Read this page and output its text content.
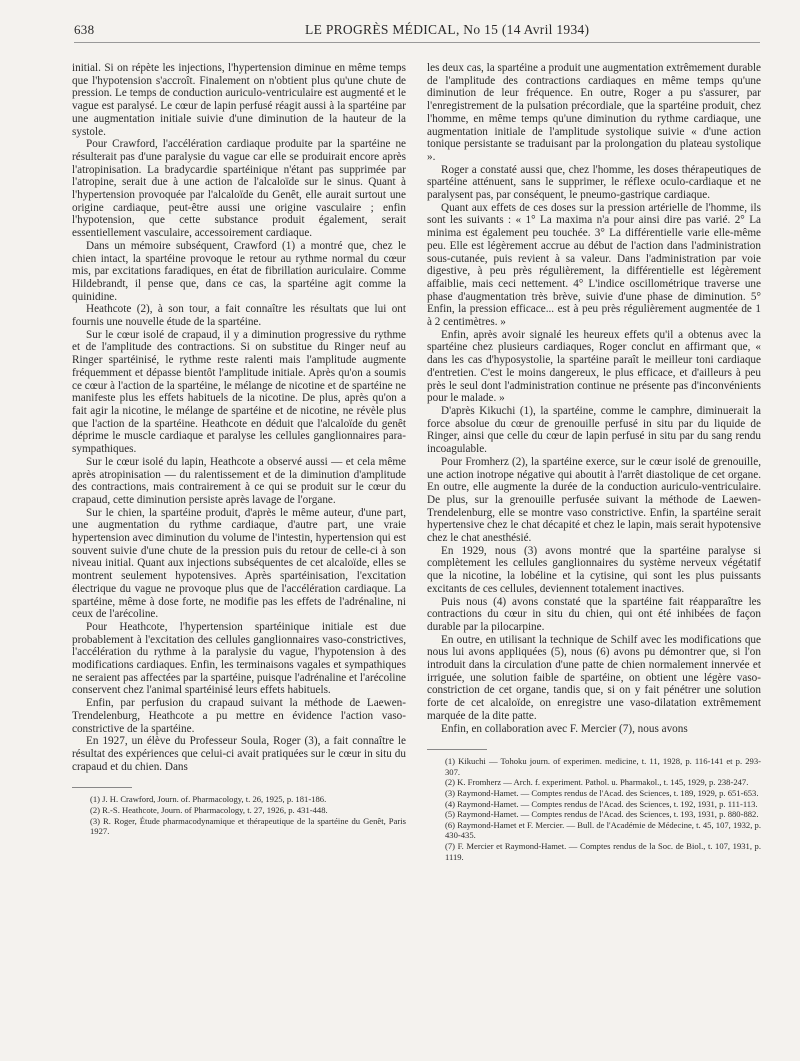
638	LE PROGRÈS MÉDICAL, No 15 (14 Avril 1934)

initial. Si on répète les injections, l'hypertension diminue en même temps que l'hypotension s'accroît. Finalement on n'obtient plus qu'une chute de pression. Le temps de conduction auriculo-ventriculaire est augmenté et le vague est paralysé. Le cœur de lapin perfusé réagit aussi à la spartéine par une augmentation initiale suivie d'une diminution de la hauteur de la systole.

Pour Crawford, l'accélération cardiaque produite par la spartéine ne résulterait pas d'une paralysie du vague car elle se produirait encore après l'atropinisation. La bradycardie spartéinique n'étant pas supprimée par l'atropine, serait due à une action de l'alcaloïde sur le sinus. Quant à l'hypertension provoquée par l'alcaloïde du Genêt, elle aurait surtout une origine cardiaque, peut-être aussi une origine vasculaire ; enfin l'hypotension, que cette substance produit également, serait essentiellement vasculaire, accessoirement cardiaque.

Dans un mémoire subséquent, Crawford (1) a montré que, chez le chien intact, la spartéine provoque le retour au rythme normal du cœur mis, par excitations faradiques, en état de fibrillation auriculaire. Comme Hildebrandt, il pense que, dans ce cas, la spartéine agit comme la quinidine.

Heathcote (2), à son tour, a fait connaître les résultats que lui ont fournis une nouvelle étude de la spartéine.

Sur le cœur isolé de crapaud, il y a diminution progressive du rythme et de l'amplitude des contractions. Si on substitue du Ringer neuf au Ringer spartéinisé, le rythme reste ralenti mais l'amplitude augmente fréquemment et dépasse bientôt l'amplitude initiale. Après qu'on a soumis ce cœur à l'action de la spartéine, le mélange de nicotine et de spartéine ne manifeste plus les effets habituels de la nicotine. De plus, après qu'on a fait agir la nicotine, le mélange de spartéine et de nicotine, ne révèle plus que l'action de la spartéine. Heathcote en déduit que l'alcaloïde du genêt déprime le muscle cardiaque et paralyse les cellules ganglionnaires para-sympathiques.

Sur le cœur isolé du lapin, Heathcote a observé aussi — et cela même après atropinisation — du ralentissement et de la diminution d'amplitude des contractions, mais contrairement à ce qui se produit sur le cœur du crapaud, cette diminution persiste après lavage de l'organe.

Sur le chien, la spartéine produit, d'après le même auteur, d'une part, une augmentation du rythme cardiaque, d'autre part, une vraie hypertension avec diminution du volume de l'intestin, hypertension qui est souvent suivie d'une chute de la pression puis du retour de celle-ci à son niveau initial. Quant aux injections subséquentes de cet alcaloïde, elles se montrent seulement hypotensives. Après spartéinisation, l'excitation électrique du vague ne provoque plus que de l'accélération cardiaque. La spartéine, même à dose forte, ne modifie pas les effets de l'adrénaline, ni ceux de l'arécoline.

Pour Heathcote, l'hypertension spartéinique initiale est due probablement à l'excitation des cellules ganglionnaires vaso-constrictives, l'accélération du rythme à la paralysie du vague, l'hypotension à des modifications cardiaques. Enfin, les terminaisons vagales et sympathiques ne seraient pas affectées par la spartéine, puisque l'adrénaline et l'arécoline conservent chez l'animal spartéinisé leurs effets habituels.

Enfin, par perfusion du crapaud suivant la méthode de Laewen-Trendelenburg, Heathcote a pu mettre en évidence l'action vaso-constrictive de la spartéine.

En 1927, un élève du Professeur Soula, Roger (3), a fait connaître le résultat des expériences que celui-ci avait pratiquées sur le cœur in situ du crapaud et du chien. Dans

(1) J. H. Crawford, Journ. of. Pharmacology, t. 26, 1925, p. 181-186.

(2) R.-S. Heathcote, Journ. of Pharmacology, t. 27, 1926, p. 431-448.

(3) R. Roger, Étude pharmacodynamique et thérapeutique de la spartéine du Genêt, Paris 1927.

les deux cas, la spartéine a produit une augmentation extrêmement durable de l'amplitude des contractions cardiaques en même temps qu'une diminution de leur fréquence. En outre, Roger a pu s'assurer, par l'enregistrement de la pulsation précordiale, que la spartéine produit, chez l'homme, en même temps qu'une diminution du rythme cardiaque, une augmentation initiale de l'amplitude systolique suivie « d'une action tonique persistante se traduisant par la prolongation du plateau systolique ».

Roger a constaté aussi que, chez l'homme, les doses thérapeutiques de spartéine atténuent, sans le supprimer, le réflexe oculo-cardiaque et ne paralysent pas, par conséquent, le pneumo-gastrique cardiaque.

Quant aux effets de ces doses sur la pression artérielle de l'homme, ils sont les suivants : « 1° La maxima n'a pour ainsi dire pas varié. 2° La minima est également peu touchée. 3° La différentielle varie elle-même peu. Elle est légèrement accrue au début de l'action dans l'administration sous-cutanée, puis revient à sa valeur. Dans l'administration par voie digestive, à peu près régulièrement, la différentielle est légèrement affaiblie, mais ceci nettement. 4° L'indice oscillométrique traverse une phase d'augmentation très brève, suivie d'une phase de diminution. 5° Enfin, la pression efficace... est à peu près régulièrement augmentée de 1 à 2 centimètres. »

Enfin, après avoir signalé les heureux effets qu'il a obtenus avec la spartéine chez plusieurs cardiaques, Roger conclut en affirmant que, « dans les cas d'hyposystolie, la spartéine paraît le meilleur toni cardiaque d'entretien. C'est le moins dangereux, le plus efficace, et d'ailleurs à peu près le seul dont l'administration continue ne présente pas d'inconvénients pour le malade. »

D'après Kikuchi (1), la spartéine, comme le camphre, diminuerait la force absolue du cœur de grenouille perfusé in situ par du liquide de Ringer, ainsi que celle du cœur de lapin perfusé in situ par du sang rendu incoagulable.

Pour Fromherz (2), la spartéine exerce, sur le cœur isolé de grenouille, une action inotrope négative qui aboutit à l'arrêt diastolique de cet organe. En outre, elle augmente la durée de la conduction auriculo-ventriculaire. De plus, sur la grenouille perfusée suivant la méthode de Laewen-Trendelenburg, elle se montre vaso constrictive. Enfin, la spartéine serait hypertensive chez le chat décapité et chez le lapin, mais serait hypotensive chez le chat anesthésié.

En 1929, nous (3) avons montré que la spartéine paralyse si complètement les cellules ganglionnaires du système nerveux végétatif que la nicotine, la lobéline et la cytisine, qui sont les plus puissants excitants de ces cellules, deviennent totalement inactives.

Puis nous (4) avons constaté que la spartéine fait réapparaître les contractions du cœur in situ du chien, qui ont été inhibées de façon durable par la pilocarpine.

En outre, en utilisant la technique de Schilf avec les modifications que nous lui avons appliquées (5), nous (6) avons pu démontrer que, si l'on introduit dans la circulation d'une patte de chien normalement innervée et irriguée, une solution faible de spartéine, on obtient une légère vaso-constriction de cet organe, tandis que, si on y fait pénétrer une solution forte de cet alcaloïde, on enregistre une vaso-dilatation extrêmement marquée de la dite patte.

Enfin, en collaboration avec F. Mercier (7), nous avons

(1) Kikuchi — Tohoku journ. of experimen. medicine, t. 11, 1928, p. 116-141 et p. 293-307.

(2) K. Fromherz — Arch. f. experiment. Pathol. u. Pharmakol., t. 145, 1929, p. 238-247.

(3) Raymond-Hamet. — Comptes rendus de l'Acad. des Sciences, t. 189, 1929, p. 651-653.

(4) Raymond-Hamet. — Comptes rendus de l'Acad. des Sciences, t. 192, 1931, p. 111-113.

(5) Raymond-Hamet. — Comptes rendus de l'Acad. des Sciences, t. 193, 1931, p. 880-882.

(6) Raymond-Hamet et F. Mercier. — Bull. de l'Académie de Médecine, t. 45, 107, 1932, p. 430-435.

(7) F. Mercier et Raymond-Hamet. — Comptes rendus de la Soc. de Biol., t. 107, 1931, p. 1119.
